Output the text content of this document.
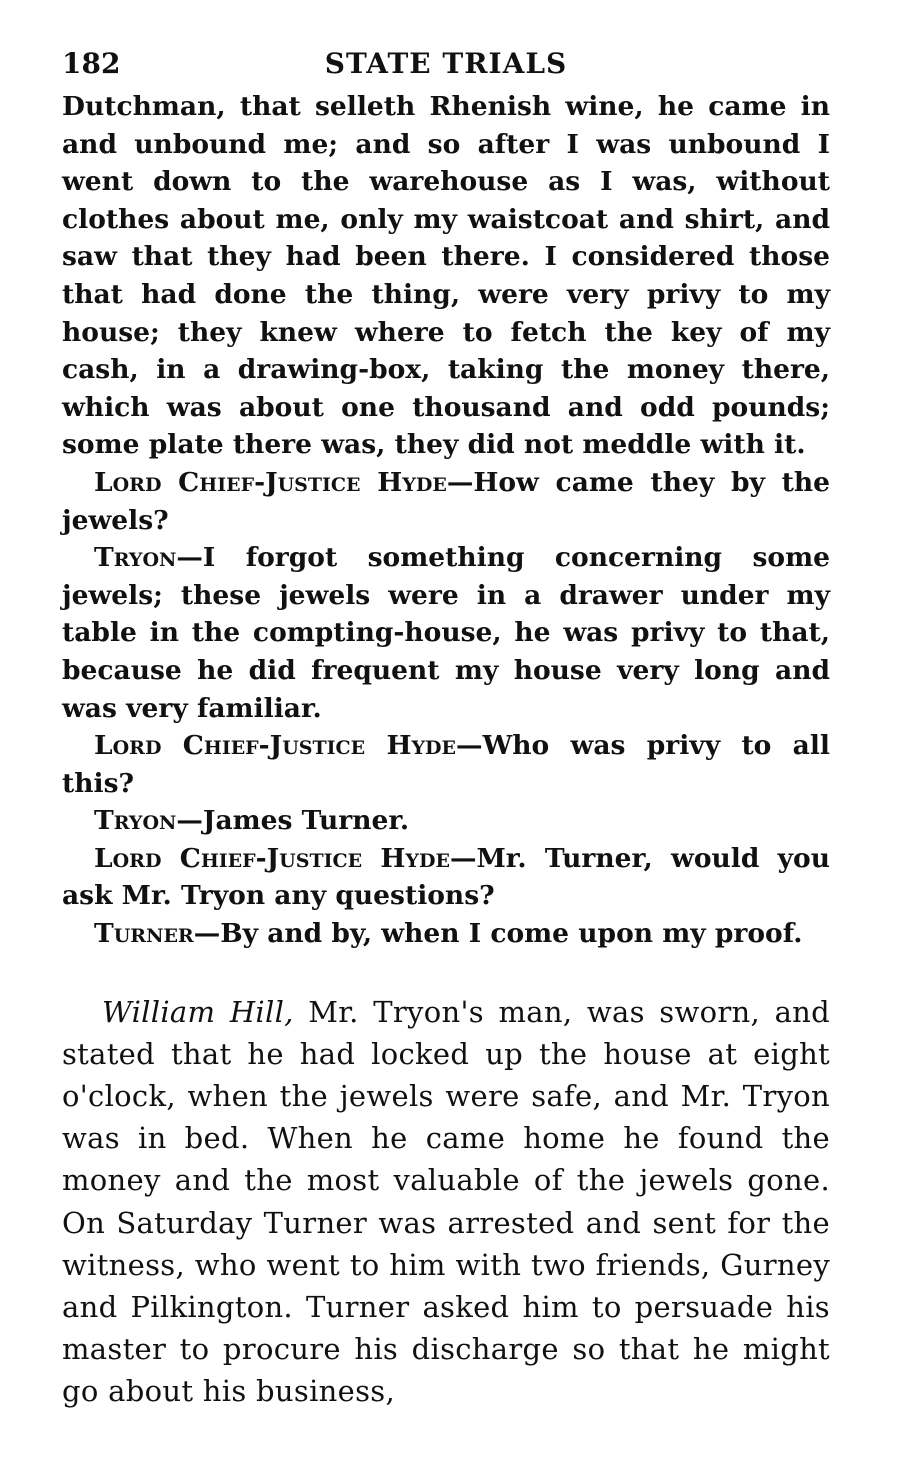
182	STATE TRIALS

Dutchman, that selleth Rhenish wine, he came in and unbound me; and so after I was unbound I went down to the warehouse as I was, without clothes about me, only my waistcoat and shirt, and saw that they had been there. I considered those that had done the thing, were very privy to my house; they knew where to fetch the key of my cash, in a drawing-box, taking the money there, which was about one thousand and odd pounds; some plate there was, they did not meddle with it.

Lord Chief-Justice Hyde—How came they by the jewels?

Tryon—I forgot something concerning some jewels; these jewels were in a drawer under my table in the compting-house, he was privy to that, because he did frequent my house very long and was very familiar.

Lord Chief-Justice Hyde—Who was privy to all this?

Tryon—James Turner.

Lord Chief-Justice Hyde—Mr. Turner, would you ask Mr. Tryon any questions?

Turner—By and by, when I come upon my proof.

William Hill, Mr. Tryon's man, was sworn, and stated that he had locked up the house at eight o'clock, when the jewels were safe, and Mr. Tryon was in bed. When he came home he found the money and the most valuable of the jewels gone. On Saturday Turner was arrested and sent for the witness, who went to him with two friends, Gurney and Pilkington. Turner asked him to persuade his master to procure his discharge so that he might go about his business,
